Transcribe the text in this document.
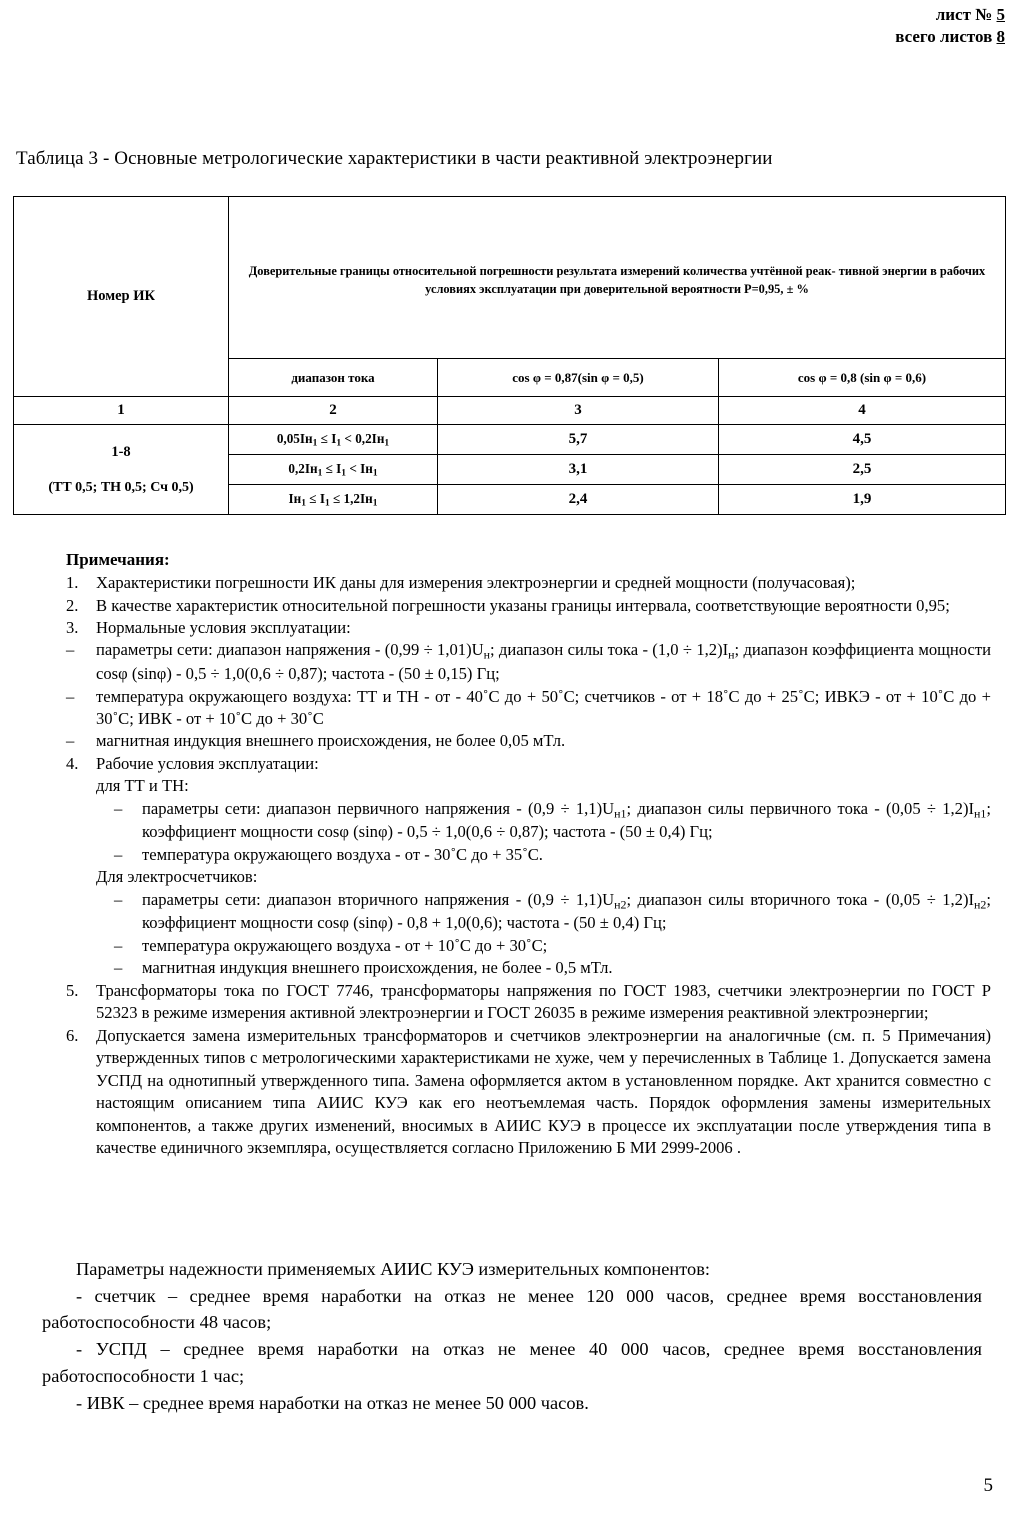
лист № 5
всего листов 8
Таблица 3 - Основные метрологические характеристики в части реактивной электроэнергии
Номер ИК	Доверительные границы относительной погрешности результата измерений количества учтённой реак- тивной энергии в рабочих условиях эксплуатации при доверительной вероятности Р=0,95, ± %		
	диапазон тока	cos φ = 0,87(sin φ = 0,5)	cos φ = 0,8 (sin φ = 0,6)
1	2	3	4

1-8
(ТТ 0,5; ТН 0,5; Сч 0,5)	$0,05Iн_1 \le I_1 < 0,2Iн_1$	5,7	4,5
	$0,2Iн_1 \le I_1 < Iн_1$	3,1	2,5
	$Iн_1 \le I_1 \le 1,2Iн_1$	2,4	1,9
Примечания:
1.	Характеристики погрешности ИК даны для измерения электроэнергии и средней мощности (получасовая);
2.	В качестве характеристик относительной погрешности указаны границы интервала, соответствующие вероятности 0,95;
3.	Нормальные условия эксплуатации:
–	параметры сети: диапазон напряжения - $(0,99 \div 1,01)U_н$; диапазон силы тока - $(1,0 \div 1,2)I_н$; диапазон коэффициента мощности cosφ (sinφ) - 0,5 ÷ 1,0(0,6 ÷ 0,87); частота - (50 ± 0,15) Гц;
–	температура окружающего воздуха: ТТ и ТН - от - 40˚С до + 50˚С; счетчиков - от + 18˚С до + 25˚С; ИВКЭ - от + 10˚С до + 30˚С; ИВК - от + 10˚С до + 30˚С
–	магнитная индукция внешнего происхождения, не более 0,05 мТл.
4.	Рабочие условия эксплуатации:
для ТТ и ТН:
–	параметры сети: диапазон первичного напряжения - $(0,9 \div 1,1)U_{н1}$; диапазон силы первичного тока - $(0,05 \div 1,2)I_{н1}$; коэффициент мощности cosφ (sinφ) - 0,5 ÷ 1,0(0,6 ÷ 0,87); частота - (50 ± 0,4) Гц;
–	температура окружающего воздуха - от - 30˚С до + 35˚С.
Для электросчетчиков:
–	параметры сети: диапазон вторичного напряжения - $(0,9 \div 1,1)U_{н2}$; диапазон силы вторичного тока - $(0,05 \div 1,2)I_{н2}$; коэффициент мощности cosφ (sinφ) - 0,8 + 1,0(0,6); частота - (50 ± 0,4) Гц;
–	температура окружающего воздуха - от + 10˚С до + 30˚С;
–	магнитная индукция внешнего происхождения, не более - 0,5 мТл.
5.	Трансформаторы тока по ГОСТ 7746, трансформаторы напряжения по ГОСТ 1983, счетчики электроэнергии по ГОСТ Р 52323 в режиме измерения активной электроэнергии и ГОСТ 26035 в режиме измерения реактивной электроэнергии;
6.	Допускается замена измерительных трансформаторов и счетчиков электроэнергии на аналогичные (см. п. 5 Примечания) утвержденных типов с метрологическими характеристиками не хуже, чем у перечисленных в Таблице 1. Допускается замена УСПД на однотипный утвержденного типа. Замена оформляется актом в установленном порядке. Акт хранится совместно с настоящим описанием типа АИИС КУЭ как его неотъемлемая часть. Порядок оформления замены измерительных компонентов, а также других изменений, вносимых в АИИС КУЭ в процессе их эксплуатации после утверждения типа в качестве единичного экземпляра, осуществляется согласно Приложению Б МИ 2999-2006 .

Параметры надежности применяемых АИИС КУЭ измерительных компонентов:

- счетчик – среднее время наработки на отказ не менее 120 000 часов, среднее время восстановления работоспособности 48 часов;

- УСПД – среднее время наработки на отказ не менее 40 000 часов, среднее время восстановления работоспособности 1 час;

- ИВК – среднее время наработки на отказ не менее 50 000 часов.

5
